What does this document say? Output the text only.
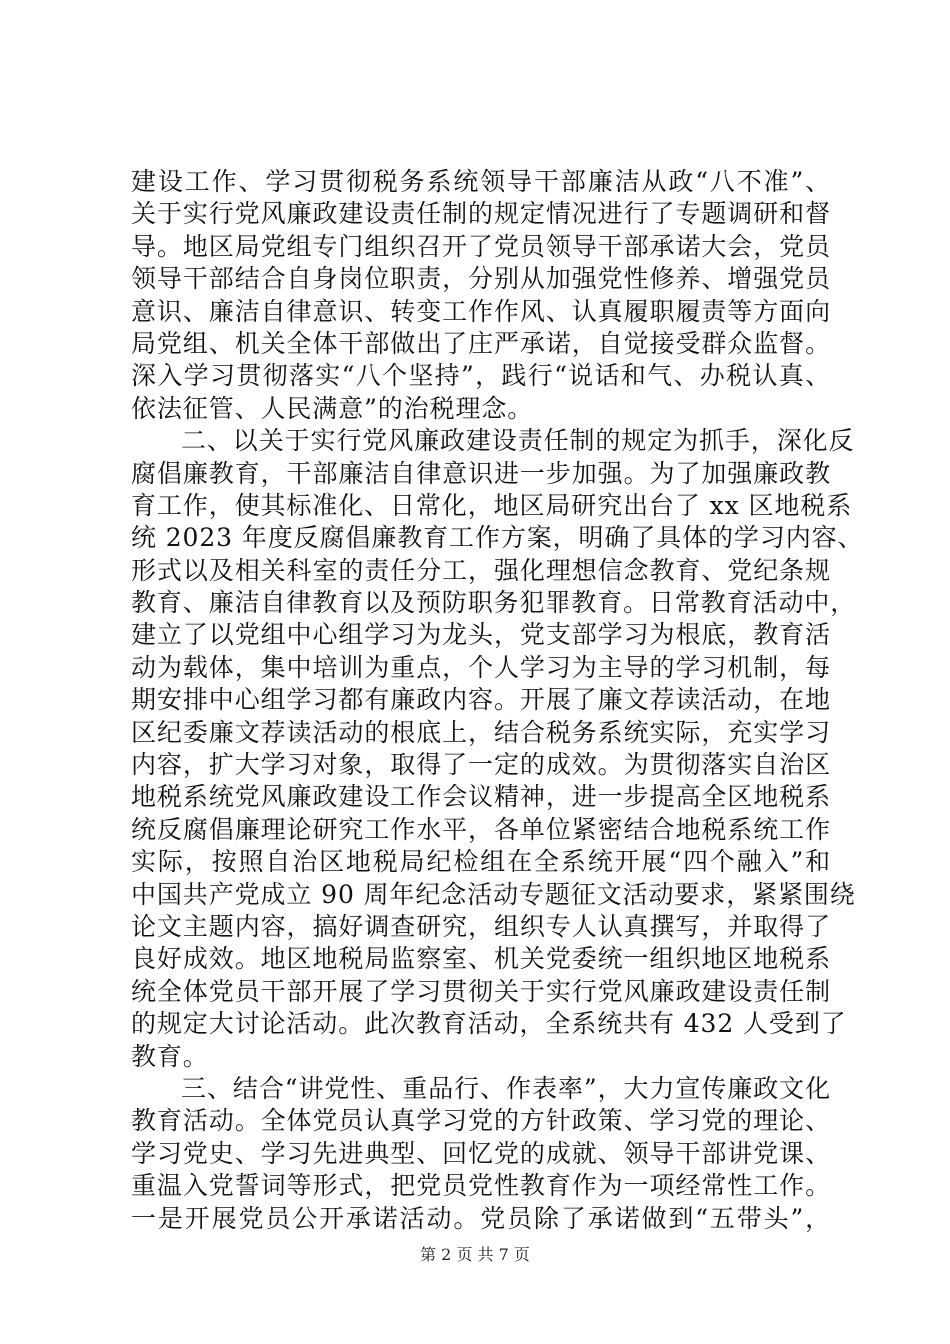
建设工作、学习贯彻税务系统领导干部廉洁从政“八不准”、
关于实行党风廉政建设责任制的规定情况进行了专题调研和督
导。地区局党组专门组织召开了党员领导干部承诺大会，党员
领导干部结合自身岗位职责，分别从加强党性修养、增强党员
意识、廉洁自律意识、转变工作作风、认真履职履责等方面向
局党组、机关全体干部做出了庄严承诺，自觉接受群众监督。
深入学习贯彻落实“八个坚持”，践行“说话和气、办税认真、
依法征管、人民满意”的治税理念。
二、以关于实行党风廉政建设责任制的规定为抓手，深化反
腐倡廉教育，干部廉洁自律意识进一步加强。为了加强廉政教
育工作，使其标准化、日常化，地区局研究出台了 xx 区地税系
统 2023 年度反腐倡廉教育工作方案，明确了具体的学习内容、
形式以及相关科室的责任分工，强化理想信念教育、党纪条规
教育、廉洁自律教育以及预防职务犯罪教育。日常教育活动中，
建立了以党组中心组学习为龙头，党支部学习为根底，教育活
动为载体，集中培训为重点，个人学习为主导的学习机制，每
期安排中心组学习都有廉政内容。开展了廉文荐读活动，在地
区纪委廉文荐读活动的根底上，结合税务系统实际，充实学习
内容，扩大学习对象，取得了一定的成效。为贯彻落实自治区
地税系统党风廉政建设工作会议精神，进一步提高全区地税系
统反腐倡廉理论研究工作水平，各单位紧密结合地税系统工作
实际，按照自治区地税局纪检组在全系统开展“四个融入”和
中国共产党成立 90 周年纪念活动专题征文活动要求，紧紧围绕
论文主题内容，搞好调查研究，组织专人认真撰写，并取得了
良好成效。地区地税局监察室、机关党委统一组织地区地税系
统全体党员干部开展了学习贯彻关于实行党风廉政建设责任制
的规定大讨论活动。此次教育活动，全系统共有 432 人受到了
教育。
三、结合“讲党性、重品行、作表率”，大力宣传廉政文化
教育活动。全体党员认真学习党的方针政策、学习党的理论、
学习党史、学习先进典型、回忆党的成就、领导干部讲党课、
重温入党誓词等形式，把党员党性教育作为一项经常性工作。
一是开展党员公开承诺活动。党员除了承诺做到“五带头”，
第 2 页 共 7 页
